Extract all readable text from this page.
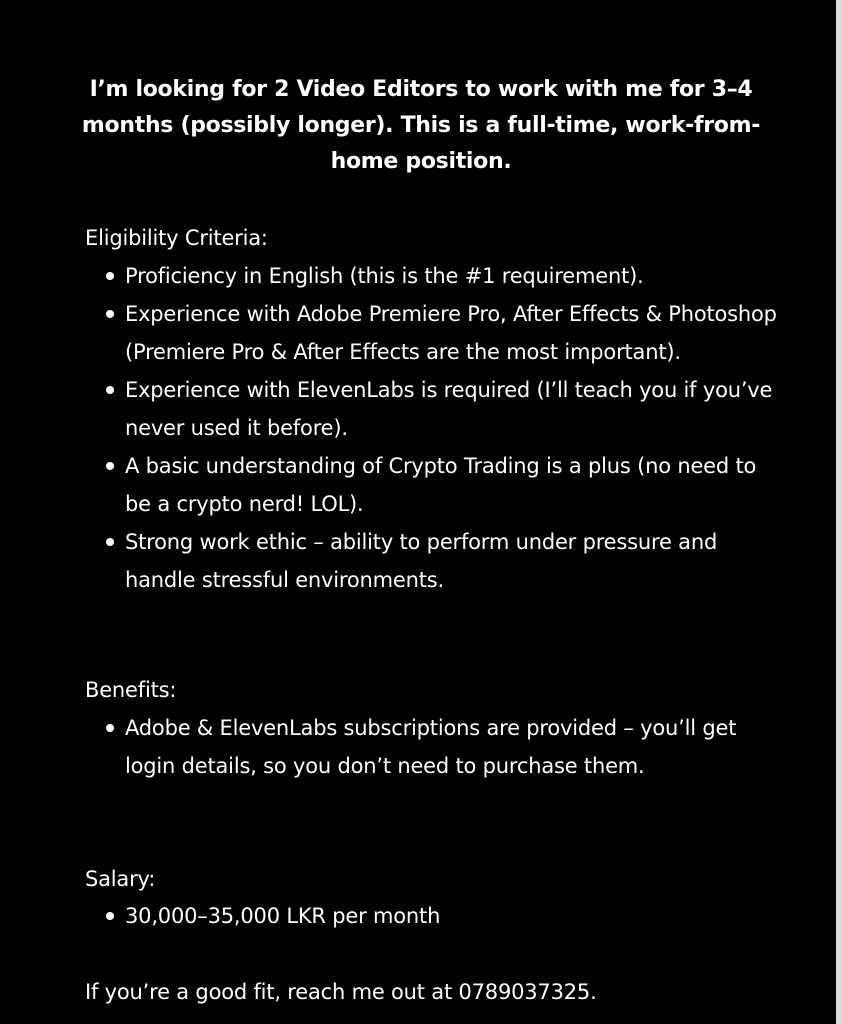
I’m looking for 2 Video Editors to work with me for 3–4 months (possibly longer). This is a full-time, work-from-home position.

Eligibility Criteria:

Proficiency in English (this is the #1 requirement).
Experience with Adobe Premiere Pro, After Effects & Photoshop (Premiere Pro & After Effects are the most important).
Experience with ElevenLabs is required (I’ll teach you if you’ve never used it before).
A basic understanding of Crypto Trading is a plus (no need to be a crypto nerd! LOL).
Strong work ethic – ability to perform under pressure and handle stressful environments.

Benefits:

Adobe & ElevenLabs subscriptions are provided – you’ll get login details, so you don’t need to purchase them.

Salary:

30,000–35,000 LKR per month

If you’re a good fit, reach me out at 0789037325.
